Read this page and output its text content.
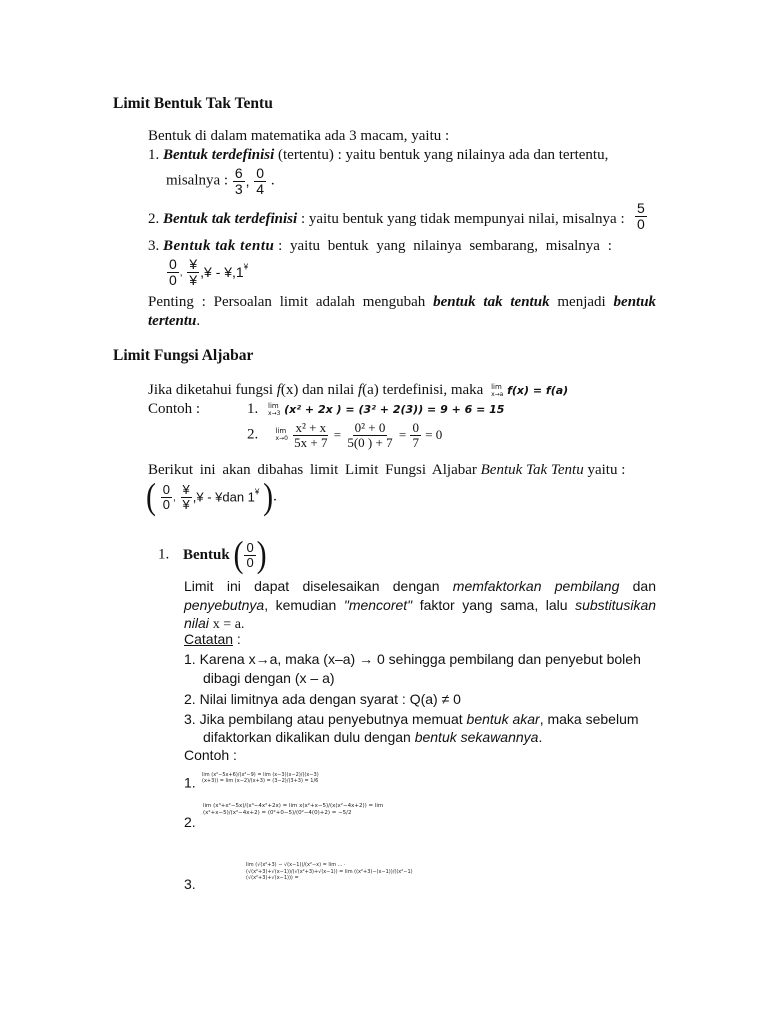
Limit Bentuk Tak Tentu
Bentuk di dalam matematika ada 3 macam, yaitu :
1. Bentuk terdefinisi (tertentu) : yaitu bentuk yang nilainya ada dan tertentu,
misalnya : $\frac{6}{3}$ , $\frac{0}{4}$ .
2. Bentuk tak terdefinisi : yaitu bentuk yang tidak mempunyai nilai, misalnya : $\frac{5}{0}$
3. Bentuk tak tentu : yaitu bentuk yang nilainya sembarang, misalnya :
$\frac{0}{0}$ , $\frac{¥}{¥}$ ,¥ - ¥,1¥
Penting : Persoalan limit adalah mengubah bentuk tak tentuk menjadi bentuk tertentu.
Limit Fungsi Aljabar
Jika diketahui fungsi f(x) dan nilai f(a) terdefinisi, maka lim
x→a f(x) = f(a)
Contoh :	1. lim
x→3 (x² + 2x ) = (3² + 2(3)) = 9 + 6 = 15
2. lim
$x\to 0 \frac{\text{x² + x}}{5x + 7} = \frac{\text{0² + 0}}{5(0 ) + 7} = \frac{0}{7} = 0$
Berikut ini akan dibahas limit Limit Fungsi Aljabar Bentuk Tak Tentu yaitu :
( $\frac{0}{0}$ , $\frac{¥}{¥}$ ,¥ - ¥dan 1¥ ).
1. Bentuk ( $\frac{0}{0}$ )
Limit ini dapat diselesaikan dengan memfaktorkan pembilang dan penyebutnya, kemudian "mencoret" faktor yang sama, lalu substitusikan nilai x = a.
Catatan :
1. Karena x→a, maka (x–a) → 0 sehingga pembilang dan penyebut boleh
dibagi dengan (x – a)
2. Nilai limitnya ada dengan syarat : Q(a) ≠ 0
3. Jika pembilang atau penyebutnya memuat bentuk akar, maka sebelum
difaktorkan dikalikan dulu dengan bentuk sekawannya.
Contoh :
1. lim (x²−5x+6)/(x²−9) = lim (x−3)(x−2)/((x−3)(x+3)) = lim (x−2)/(x+3) = (3−2)/(3+3) = 1/6
2.
lim (x³+x²−5x)/(x³−4x²+2x) = lim x(x²+x−5)/(x(x²−4x+2)) = lim (x²+x−5)/(x²−4x+2) = (0²+0−5)/(0²−4(0)+2) = −5/2
3.
lim (√(x²+3) − √(x−1))/(x²−x) = lim ... · (√(x²+3)+√(x−1))/(√(x²+3)+√(x−1)) = lim ((x²+3)−(x−1))/((x²−1)(√(x²+3)+√(x−1))) =
